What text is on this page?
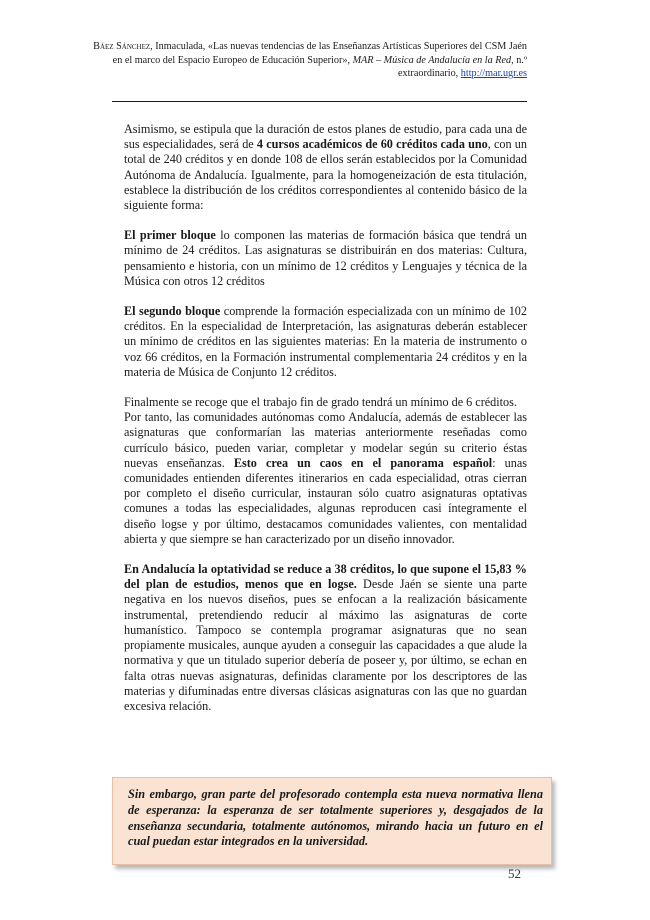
Báez Sánchez, Inmaculada, «Las nuevas tendencias de las Enseñanzas Artísticas Superiores del CSM Jaén en el marco del Espacio Europeo de Educación Superior», MAR – Música de Andalucía en la Red, n.º extraordinario, http://mar.ugr.es

Asimismo, se estipula que la duración de estos planes de estudio, para cada una de sus especialidades, será de 4 cursos académicos de 60 créditos cada uno, con un total de 240 créditos y en donde 108 de ellos serán establecidos por la Comunidad Autónoma de Andalucía. Igualmente, para la homogeneización de esta titulación, establece la distribución de los créditos correspondientes al contenido básico de la siguiente forma:

El primer bloque lo componen las materias de formación básica que tendrá un mínimo de 24 créditos. Las asignaturas se distribuirán en dos materias: Cultura, pensamiento e historia, con un mínimo de 12 créditos y Lenguajes y técnica de la Música con otros 12 créditos

El segundo bloque comprende la formación especializada con un mínimo de 102 créditos. En la especialidad de Interpretación, las asignaturas deberán establecer un mínimo de créditos en las siguientes materias: En la materia de instrumento o voz 66 créditos, en la Formación instrumental complementaria 24 créditos y en la materia de Música de Conjunto 12 créditos.

Finalmente se recoge que el trabajo fin de grado tendrá un mínimo de 6 créditos.

Por tanto, las comunidades autónomas como Andalucía, además de establecer las asignaturas que conformarían las materias anteriormente reseñadas como currículo básico, pueden variar, completar y modelar según su criterio éstas nuevas enseñanzas. Esto crea un caos en el panorama español: unas comunidades entienden diferentes itinerarios en cada especialidad, otras cierran por completo el diseño curricular, instauran sólo cuatro asignaturas optativas comunes a todas las especialidades, algunas reproducen casi íntegramente el diseño logse y por último, destacamos comunidades valientes, con mentalidad abierta y que siempre se han caracterizado por un diseño innovador.

En Andalucía la optatividad se reduce a 38 créditos, lo que supone el 15,83 % del plan de estudios, menos que en logse. Desde Jaén se siente una parte negativa en los nuevos diseños, pues se enfocan a la realización básicamente instrumental, pretendiendo reducir al máximo las asignaturas de corte humanístico. Tampoco se contempla programar asignaturas que no sean propiamente musicales, aunque ayuden a conseguir las capacidades a que alude la normativa y que un titulado superior debería de poseer y, por último, se echan en falta otras nuevas asignaturas, definidas claramente por los descriptores de las materias y difuminadas entre diversas clásicas asignaturas con las que no guardan excesiva relación.

52
Sin embargo, gran parte del profesorado contempla esta nueva normativa llena de esperanza: la esperanza de ser totalmente superiores y, desgajados de la enseñanza secundaria, totalmente autónomos, mirando hacia un futuro en el cual puedan estar integrados en la universidad.
